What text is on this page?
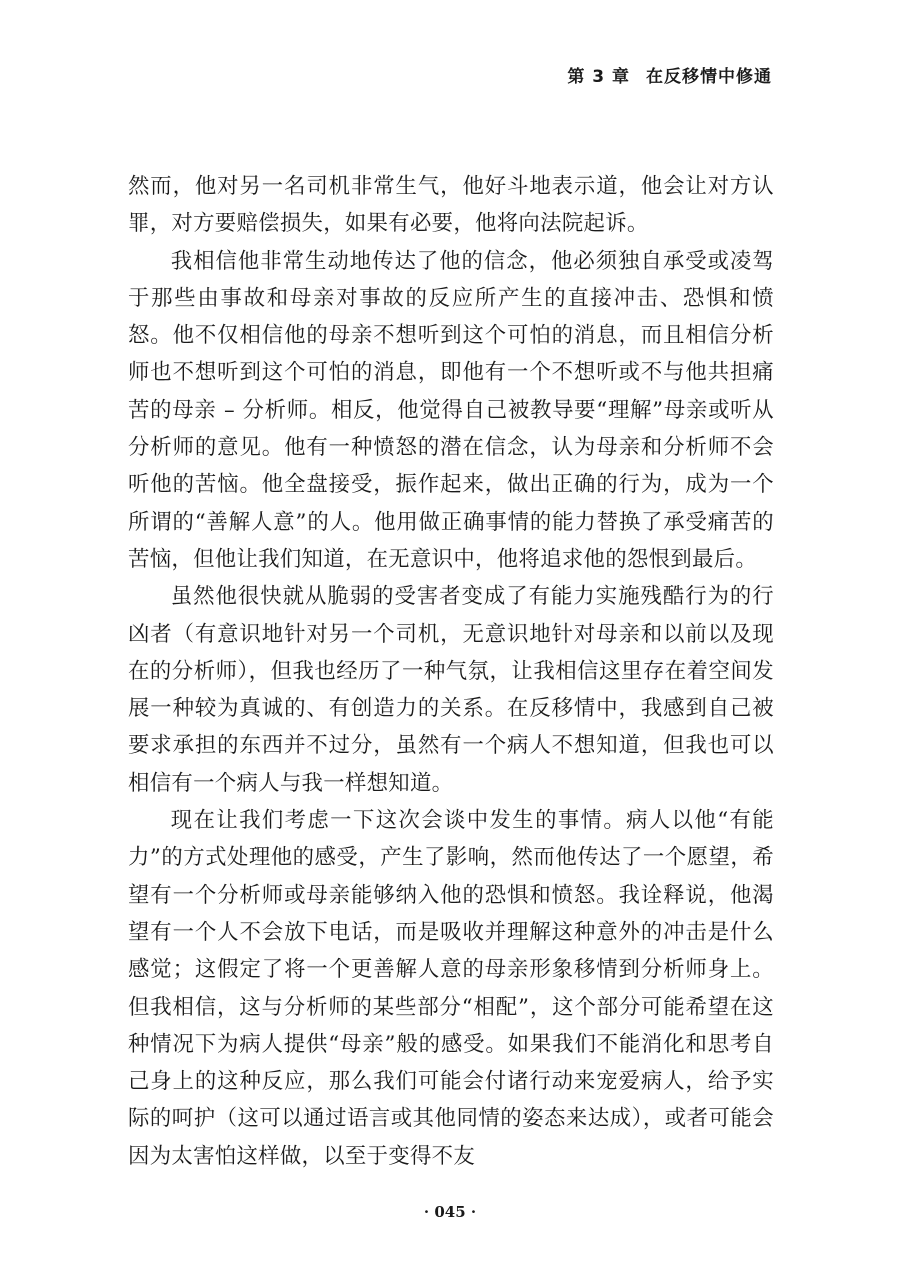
第 3 章 在反移情中修通

然而，他对另一名司机非常生气，他好斗地表示道，他会让对方认罪，对方要赔偿损失，如果有必要，他将向法院起诉。

我相信他非常生动地传达了他的信念，他必须独自承受或凌驾于那些由事故和母亲对事故的反应所产生的直接冲击、恐惧和愤怒。他不仅相信他的母亲不想听到这个可怕的消息，而且相信分析师也不想听到这个可怕的消息，即他有一个不想听或不与他共担痛苦的母亲 – 分析师。相反，他觉得自己被教导要“理解”母亲或听从分析师的意见。他有一种愤怒的潜在信念，认为母亲和分析师不会听他的苦恼。他全盘接受，振作起来，做出正确的行为，成为一个所谓的“善解人意”的人。他用做正确事情的能力替换了承受痛苦的苦恼，但他让我们知道，在无意识中，他将追求他的怨恨到最后。

虽然他很快就从脆弱的受害者变成了有能力实施残酷行为的行凶者（有意识地针对另一个司机，无意识地针对母亲和以前以及现在的分析师），但我也经历了一种气氛，让我相信这里存在着空间发展一种较为真诚的、有创造力的关系。在反移情中，我感到自己被要求承担的东西并不过分，虽然有一个病人不想知道，但我也可以相信有一个病人与我一样想知道。

现在让我们考虑一下这次会谈中发生的事情。病人以他“有能力”的方式处理他的感受，产生了影响，然而他传达了一个愿望，希望有一个分析师或母亲能够纳入他的恐惧和愤怒。我诠释说，他渴望有一个人不会放下电话，而是吸收并理解这种意外的冲击是什么感觉；这假定了将一个更善解人意的母亲形象移情到分析师身上。但我相信，这与分析师的某些部分“相配”，这个部分可能希望在这种情况下为病人提供“母亲”般的感受。如果我们不能消化和思考自己身上的这种反应，那么我们可能会付诸行动来宠爱病人，给予实际的呵护（这可以通过语言或其他同情的姿态来达成），或者可能会因为太害怕这样做，以至于变得不友

· 045 ·
